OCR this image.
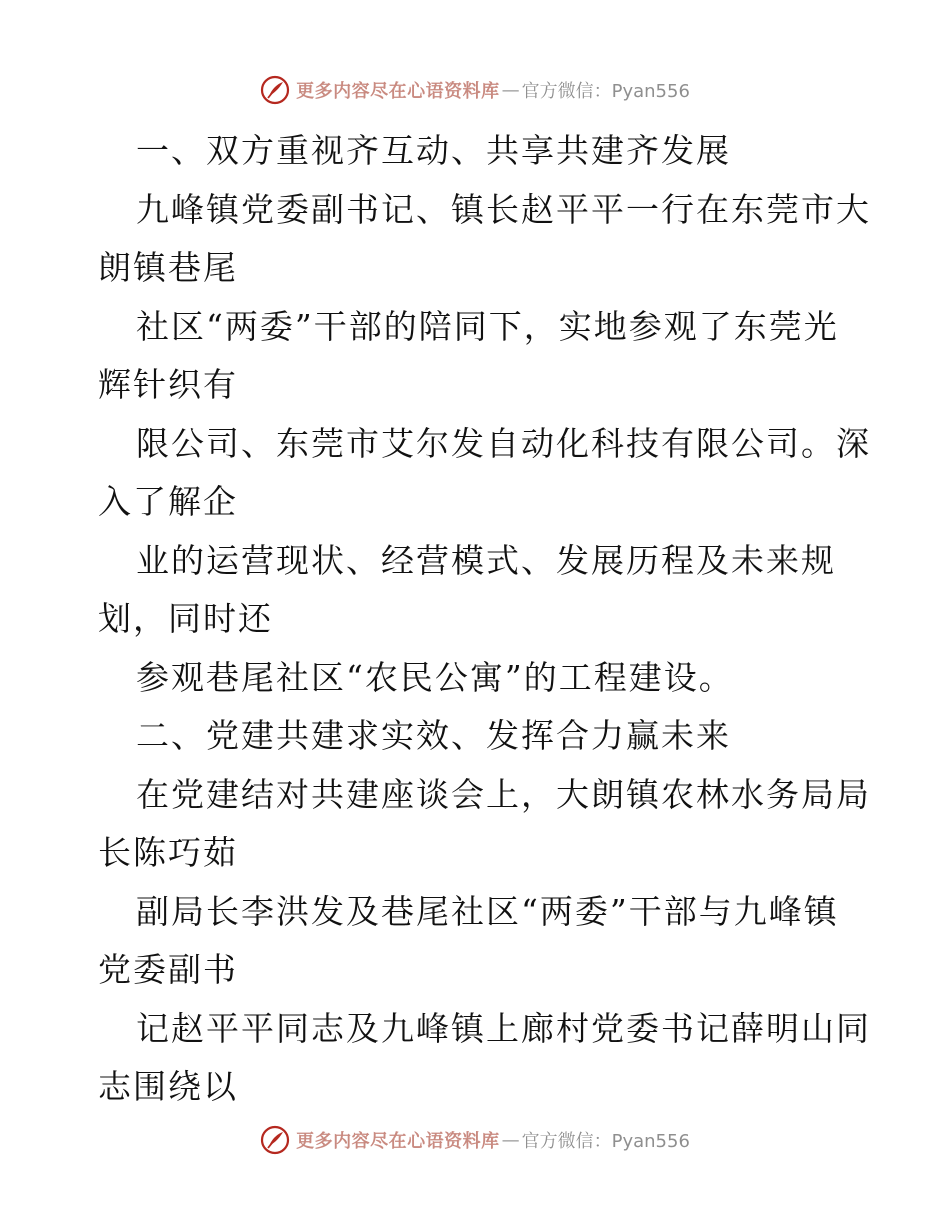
更多内容尽在心语资料库 — 官方微信：Pyan556
一、双方重视齐互动、共享共建齐发展
九峰镇党委副书记、镇长赵平平一行在东莞市大
朗镇巷尾
社区“两委”干部的陪同下，实地参观了东莞光
辉针织有
限公司、东莞市艾尔发自动化科技有限公司。深
入了解企
业的运营现状、经营模式、发展历程及未来规
划，同时还
参观巷尾社区“农民公寓”的工程建设。
二、党建共建求实效、发挥合力赢未来
在党建结对共建座谈会上，大朗镇农林水务局局
长陈巧茹
副局长李洪发及巷尾社区“两委”干部与九峰镇
党委副书
记赵平平同志及九峰镇上廊村党委书记薛明山同
志围绕以
更多内容尽在心语资料库 — 官方微信：Pyan556
